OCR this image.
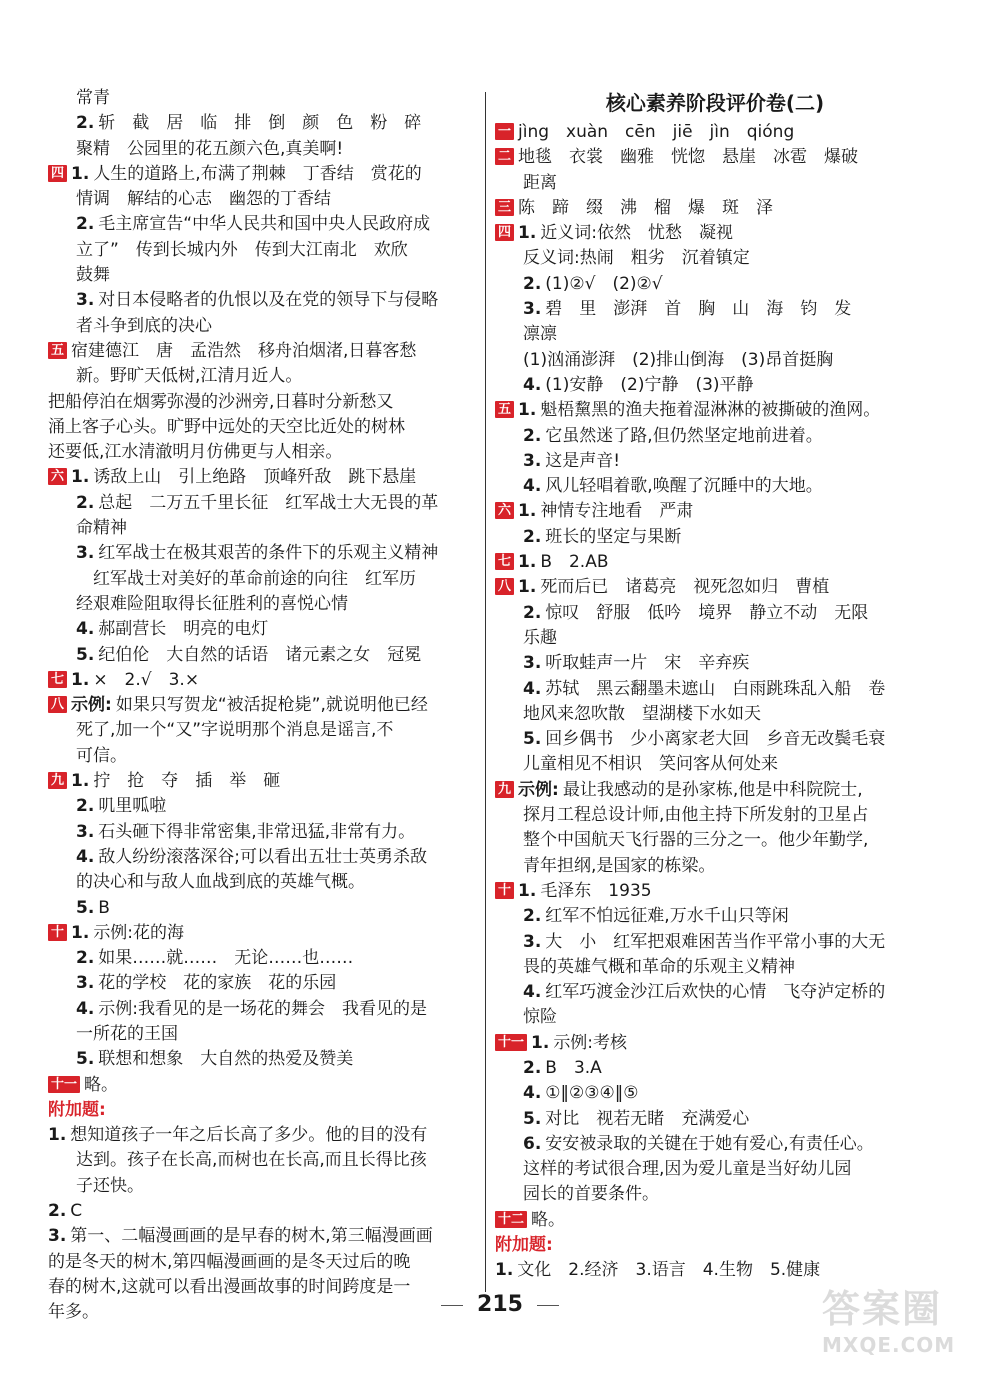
常青
2. 斩　截　居　临　排　倒　颜　色　粉　碎
聚精　公园里的花五颜六色,真美啊!
四 1. 人生的道路上,布满了荆棘　丁香结　赏花的
情调　解结的心志　幽怨的丁香结
2. 毛主席宣告“中华人民共和国中央人民政府成
立了”　传到长城内外　传到大江南北　欢欣
鼓舞
3. 对日本侵略者的仇恨以及在党的领导下与侵略
者斗争到底的决心
五 宿建德江　唐　孟浩然　移舟泊烟渚,日暮客愁
新。野旷天低树,江清月近人。
把船停泊在烟雾弥漫的沙洲旁,日暮时分新愁又
涌上客子心头。旷野中远处的天空比近处的树林
还要低,江水清澈明月仿佛更与人相亲。
六 1. 诱敌上山　引上绝路　顶峰歼敌　跳下悬崖
2. 总起　二万五千里长征　红军战士大无畏的革
命精神
3. 红军战士在极其艰苦的条件下的乐观主义精神
　红军战士对美好的革命前途的向往　红军历
经艰难险阻取得长征胜利的喜悦心情
4. 郝副营长　明亮的电灯
5. 纪伯伦　大自然的话语　诸元素之女　冠冕
七 1. ×　2.√　3.×
八 示例: 如果只写贺龙“被活捉枪毙”,就说明他已经
死了,加一个“又”字说明那个消息是谣言,不
可信。
九 1. 拧　抢　夺　插　举　砸
2. 叽里呱啦
3. 石头砸下得非常密集,非常迅猛,非常有力。
4. 敌人纷纷滚落深谷;可以看出五壮士英勇杀敌
的决心和与敌人血战到底的英雄气概。
5. B
十 1. 示例:花的海
2. 如果……就……　无论……也……
3. 花的学校　花的家族　花的乐园
4. 示例:我看见的是一场花的舞会　我看见的是
一所花的王国
5. 联想和想象　大自然的热爱及赞美
十一 略。
附加题:
1. 想知道孩子一年之后长高了多少。他的目的没有
达到。孩子在长高,而树也在长高,而且长得比孩
子还快。
2. C
3. 第一、二幅漫画画的是早春的树木,第三幅漫画画
的是冬天的树木,第四幅漫画画的是冬天过后的晚
春的树木,这就可以看出漫画故事的时间跨度是一
年多。
核心素养阶段评价卷(二)
一 jìng　xuàn　cēn　jiē　jìn　qióng
二 地毯　衣裳　幽雅　恍惚　悬崖　冰雹　爆破
距离
三 陈　蹄　缀　沸　榴　爆　斑　泽
四 1. 近义词:依然　忧愁　凝视
反义词:热闹　粗劣　沉着镇定
2. (1)②√　(2)②√
3. 碧　里　澎湃　首　胸　山　海　钧　发
凛凛
(1)汹涌澎湃　(2)排山倒海　(3)昂首挺胸
4. (1)安静　(2)宁静　(3)平静
五 1. 魁梧黧黑的渔夫拖着湿淋淋的被撕破的渔网。
2. 它虽然迷了路,但仍然坚定地前进着。
3. 这是声音!
4. 风儿轻唱着歌,唤醒了沉睡中的大地。
六 1. 神情专注地看　严肃
2. 班长的坚定与果断
七 1. B　2.AB
八 1. 死而后已　诸葛亮　视死忽如归　曹植
2. 惊叹　舒服　低吟　境界　静立不动　无限
乐趣
3. 听取蛙声一片　宋　辛弃疾
4. 苏轼　黑云翻墨未遮山　白雨跳珠乱入船　卷
地风来忽吹散　望湖楼下水如天
5. 回乡偶书　少小离家老大回　乡音无改鬓毛衰
儿童相见不相识　笑问客从何处来
九 示例: 最让我感动的是孙家栋,他是中科院院士,
探月工程总设计师,由他主持下所发射的卫星占
整个中国航天飞行器的三分之一。他少年勤学,
青年担纲,是国家的栋梁。
十 1. 毛泽东　1935
2. 红军不怕远征难,万水千山只等闲
3. 大　小　红军把艰难困苦当作平常小事的大无
畏的英雄气概和革命的乐观主义精神
4. 红军巧渡金沙江后欢快的心情　飞夺泸定桥的
惊险
十一 1. 示例:考核
2. B　3.A
4. ①‖②③④‖⑤
5. 对比　视若无睹　充满爱心
6. 安安被录取的关键在于她有爱心,有责任心。
这样的考试很合理,因为爱儿童是当好幼儿园
园长的首要条件。
十二 略。
附加题:
1. 文化　2.经济　3.语言　4.生物　5.健康
215	答案圈
MXQE.COM
